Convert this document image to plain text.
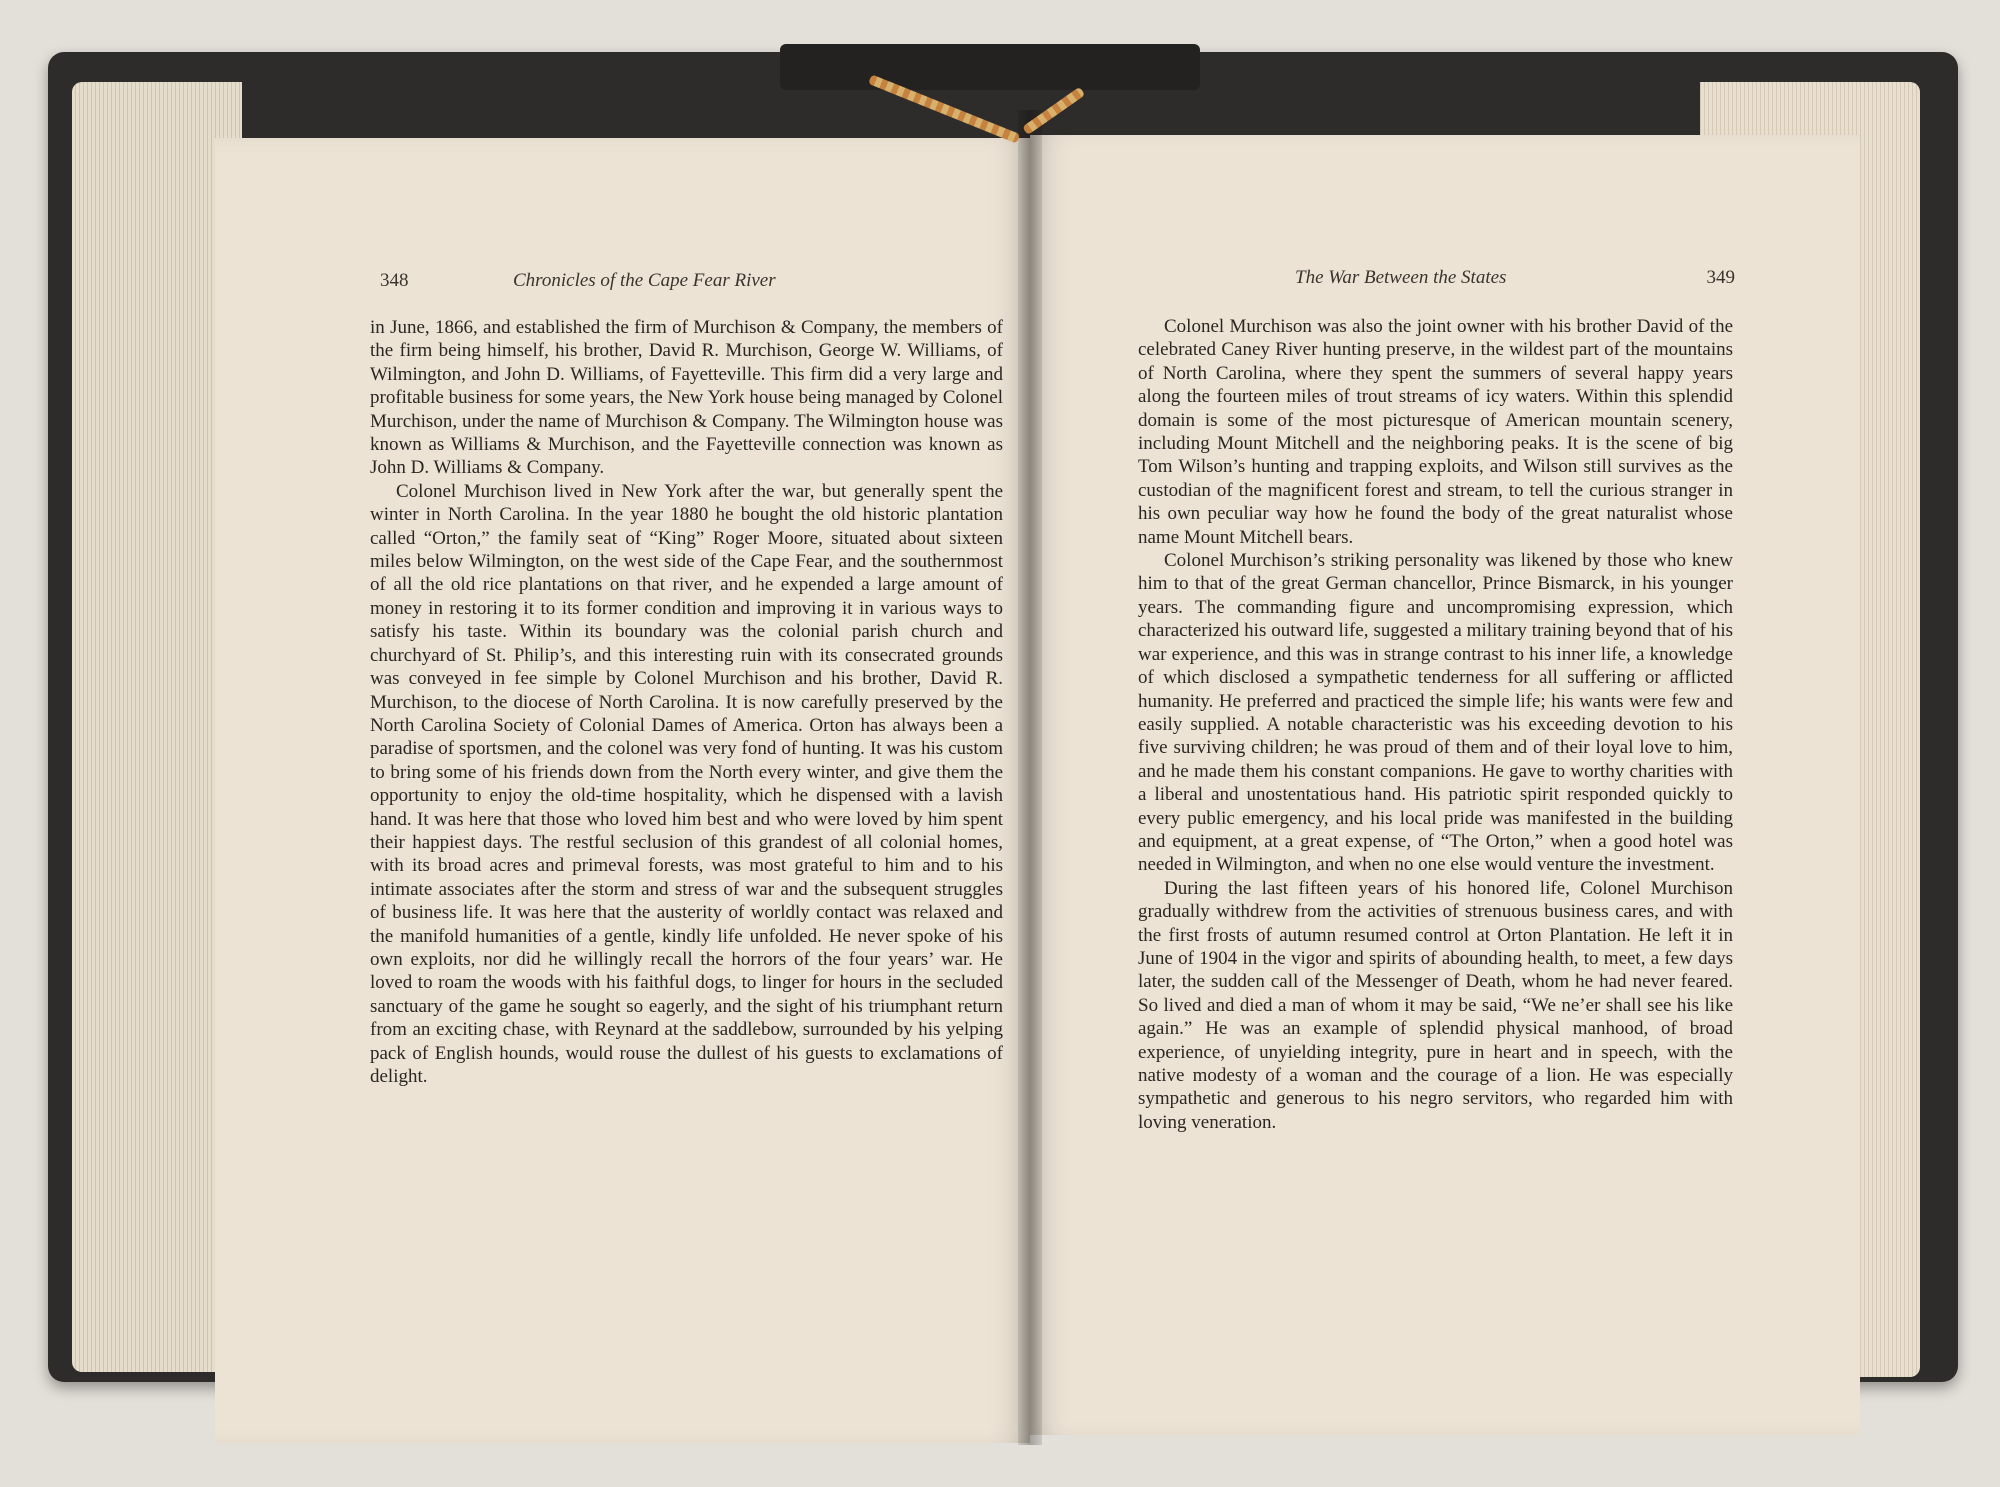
348	Chronicles of the Cape Fear River

in June, 1866, and established the firm of Murchison & Company, the members of the firm being himself, his brother, David R. Murchison, George W. Williams, of Wilmington, and John D. Williams, of Fayetteville. This firm did a very large and profitable business for some years, the New York house being managed by Colonel Murchison, under the name of Murchison & Company. The Wilmington house was known as Williams & Murchison, and the Fayetteville connection was known as John D. Williams & Company.

Colonel Murchison lived in New York after the war, but generally spent the winter in North Carolina. In the year 1880 he bought the old historic plantation called “Orton,” the family seat of “King” Roger Moore, situated about sixteen miles below Wilmington, on the west side of the Cape Fear, and the southernmost of all the old rice plantations on that river, and he expended a large amount of money in restoring it to its former condition and improving it in various ways to satisfy his taste. Within its boundary was the colonial parish church and churchyard of St. Philip’s, and this interesting ruin with its consecrated grounds was conveyed in fee simple by Colonel Murchison and his brother, David R. Murchison, to the diocese of North Carolina. It is now carefully preserved by the North Carolina Society of Colonial Dames of America. Orton has always been a paradise of sportsmen, and the colonel was very fond of hunting. It was his custom to bring some of his friends down from the North every winter, and give them the opportunity to enjoy the old-time hospitality, which he dispensed with a lavish hand. It was here that those who loved him best and who were loved by him spent their happiest days. The restful seclusion of this grandest of all colonial homes, with its broad acres and primeval forests, was most grateful to him and to his intimate associates after the storm and stress of war and the subsequent struggles of business life. It was here that the austerity of worldly contact was relaxed and the manifold humanities of a gentle, kindly life unfolded. He never spoke of his own exploits, nor did he willingly recall the horrors of the four years’ war. He loved to roam the woods with his faithful dogs, to linger for hours in the secluded sanctuary of the game he sought so eagerly, and the sight of his triumphant return from an exciting chase, with Reynard at the saddlebow, surrounded by his yelping pack of English hounds, would rouse the dullest of his guests to exclamations of delight.

The War Between the States	349

Colonel Murchison was also the joint owner with his brother David of the celebrated Caney River hunting preserve, in the wildest part of the mountains of North Carolina, where they spent the summers of several happy years along the fourteen miles of trout streams of icy waters. Within this splendid domain is some of the most picturesque of American mountain scenery, including Mount Mitchell and the neighboring peaks. It is the scene of big Tom Wilson’s hunting and trapping exploits, and Wilson still survives as the custodian of the magnificent forest and stream, to tell the curious stranger in his own peculiar way how he found the body of the great naturalist whose name Mount Mitchell bears.

Colonel Murchison’s striking personality was likened by those who knew him to that of the great German chancellor, Prince Bismarck, in his younger years. The commanding figure and uncompromising expression, which characterized his outward life, suggested a military training beyond that of his war experience, and this was in strange contrast to his inner life, a knowledge of which disclosed a sympathetic tenderness for all suffering or afflicted humanity. He preferred and practiced the simple life; his wants were few and easily supplied. A notable characteristic was his exceeding devotion to his five surviving children; he was proud of them and of their loyal love to him, and he made them his constant companions. He gave to worthy charities with a liberal and unostentatious hand. His patriotic spirit responded quickly to every public emergency, and his local pride was manifested in the building and equipment, at a great expense, of “The Orton,” when a good hotel was needed in Wilmington, and when no one else would venture the investment.

During the last fifteen years of his honored life, Colonel Murchison gradually withdrew from the activities of strenuous business cares, and with the first frosts of autumn resumed control at Orton Plantation. He left it in June of 1904 in the vigor and spirits of abounding health, to meet, a few days later, the sudden call of the Messenger of Death, whom he had never feared. So lived and died a man of whom it may be said, “We ne’er shall see his like again.” He was an example of splendid physical manhood, of broad experience, of unyielding integrity, pure in heart and in speech, with the native modesty of a woman and the courage of a lion. He was especially sympathetic and generous to his negro servitors, who regarded him with loving veneration.
